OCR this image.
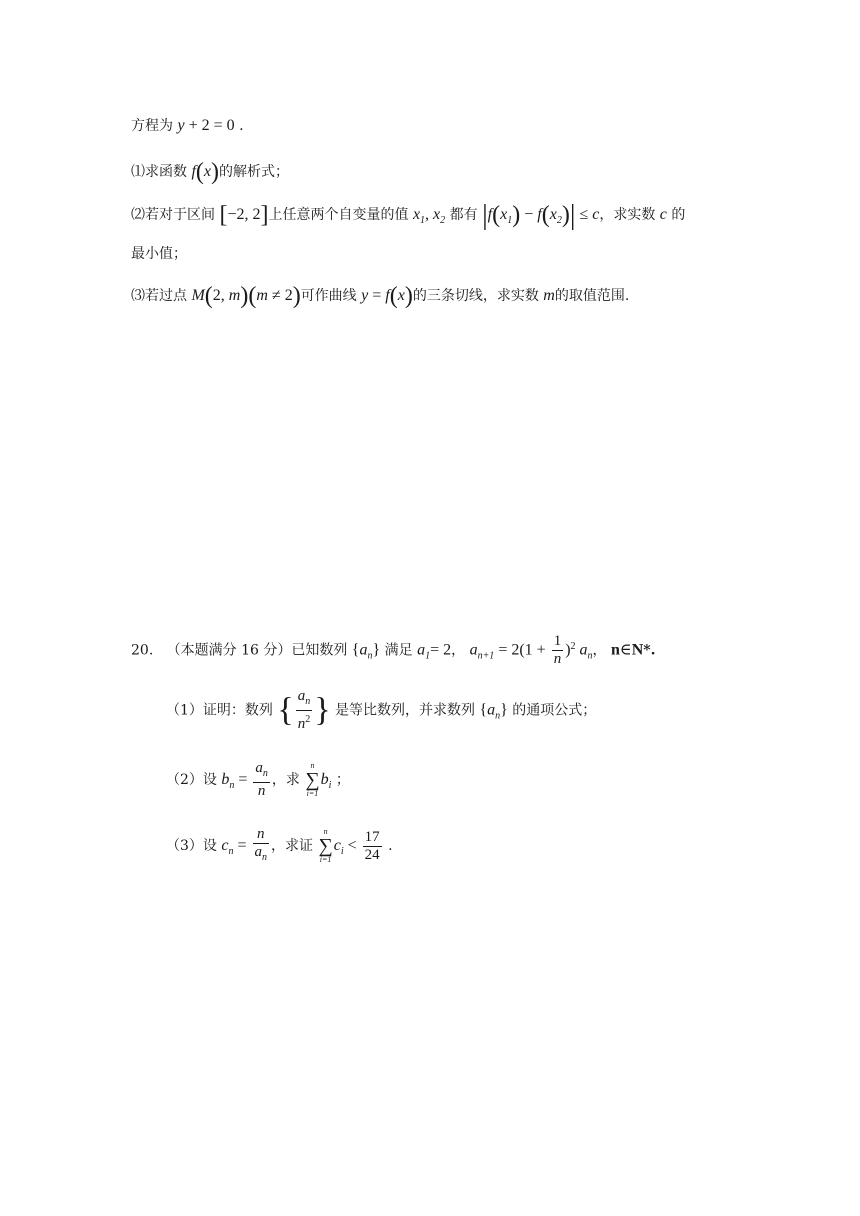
方程为 y + 2 = 0 .
⑴求函数 f(x)的解析式；
⑵若对于区间 [−2, 2]上任意两个自变量的值 $x_1$, $x_2$ 都有 $|f(x_1) - f(x_2)| \le c$，求实数 c 的
最小值；
⑶若过点 M(2, m)(m ≠ 2)可作曲线 y = f(x)的三条切线，求实数 m的取值范围.
20. （本题满分 16 分）已知数列 $\{a_n\}$ 满足 $a_1= 2$， $a_{n+1} = 2(1 + \frac{1}{n} )^2$ $a_n$， n∈N*.
（1）证明：数列 { $\frac{a_n}{n^2}$ } 是等比数列，并求数列 $\{a_n\}$ 的通项公式；
（2）设 $b_n = \frac{a_n}{n}$ ，求
n
∑
i=1
$b_i$ ；
（3）设 $c_n = \frac{n}{a_n}$ ，求证
n
∑
i=1
$c_i < \frac{17}{24}$ .
